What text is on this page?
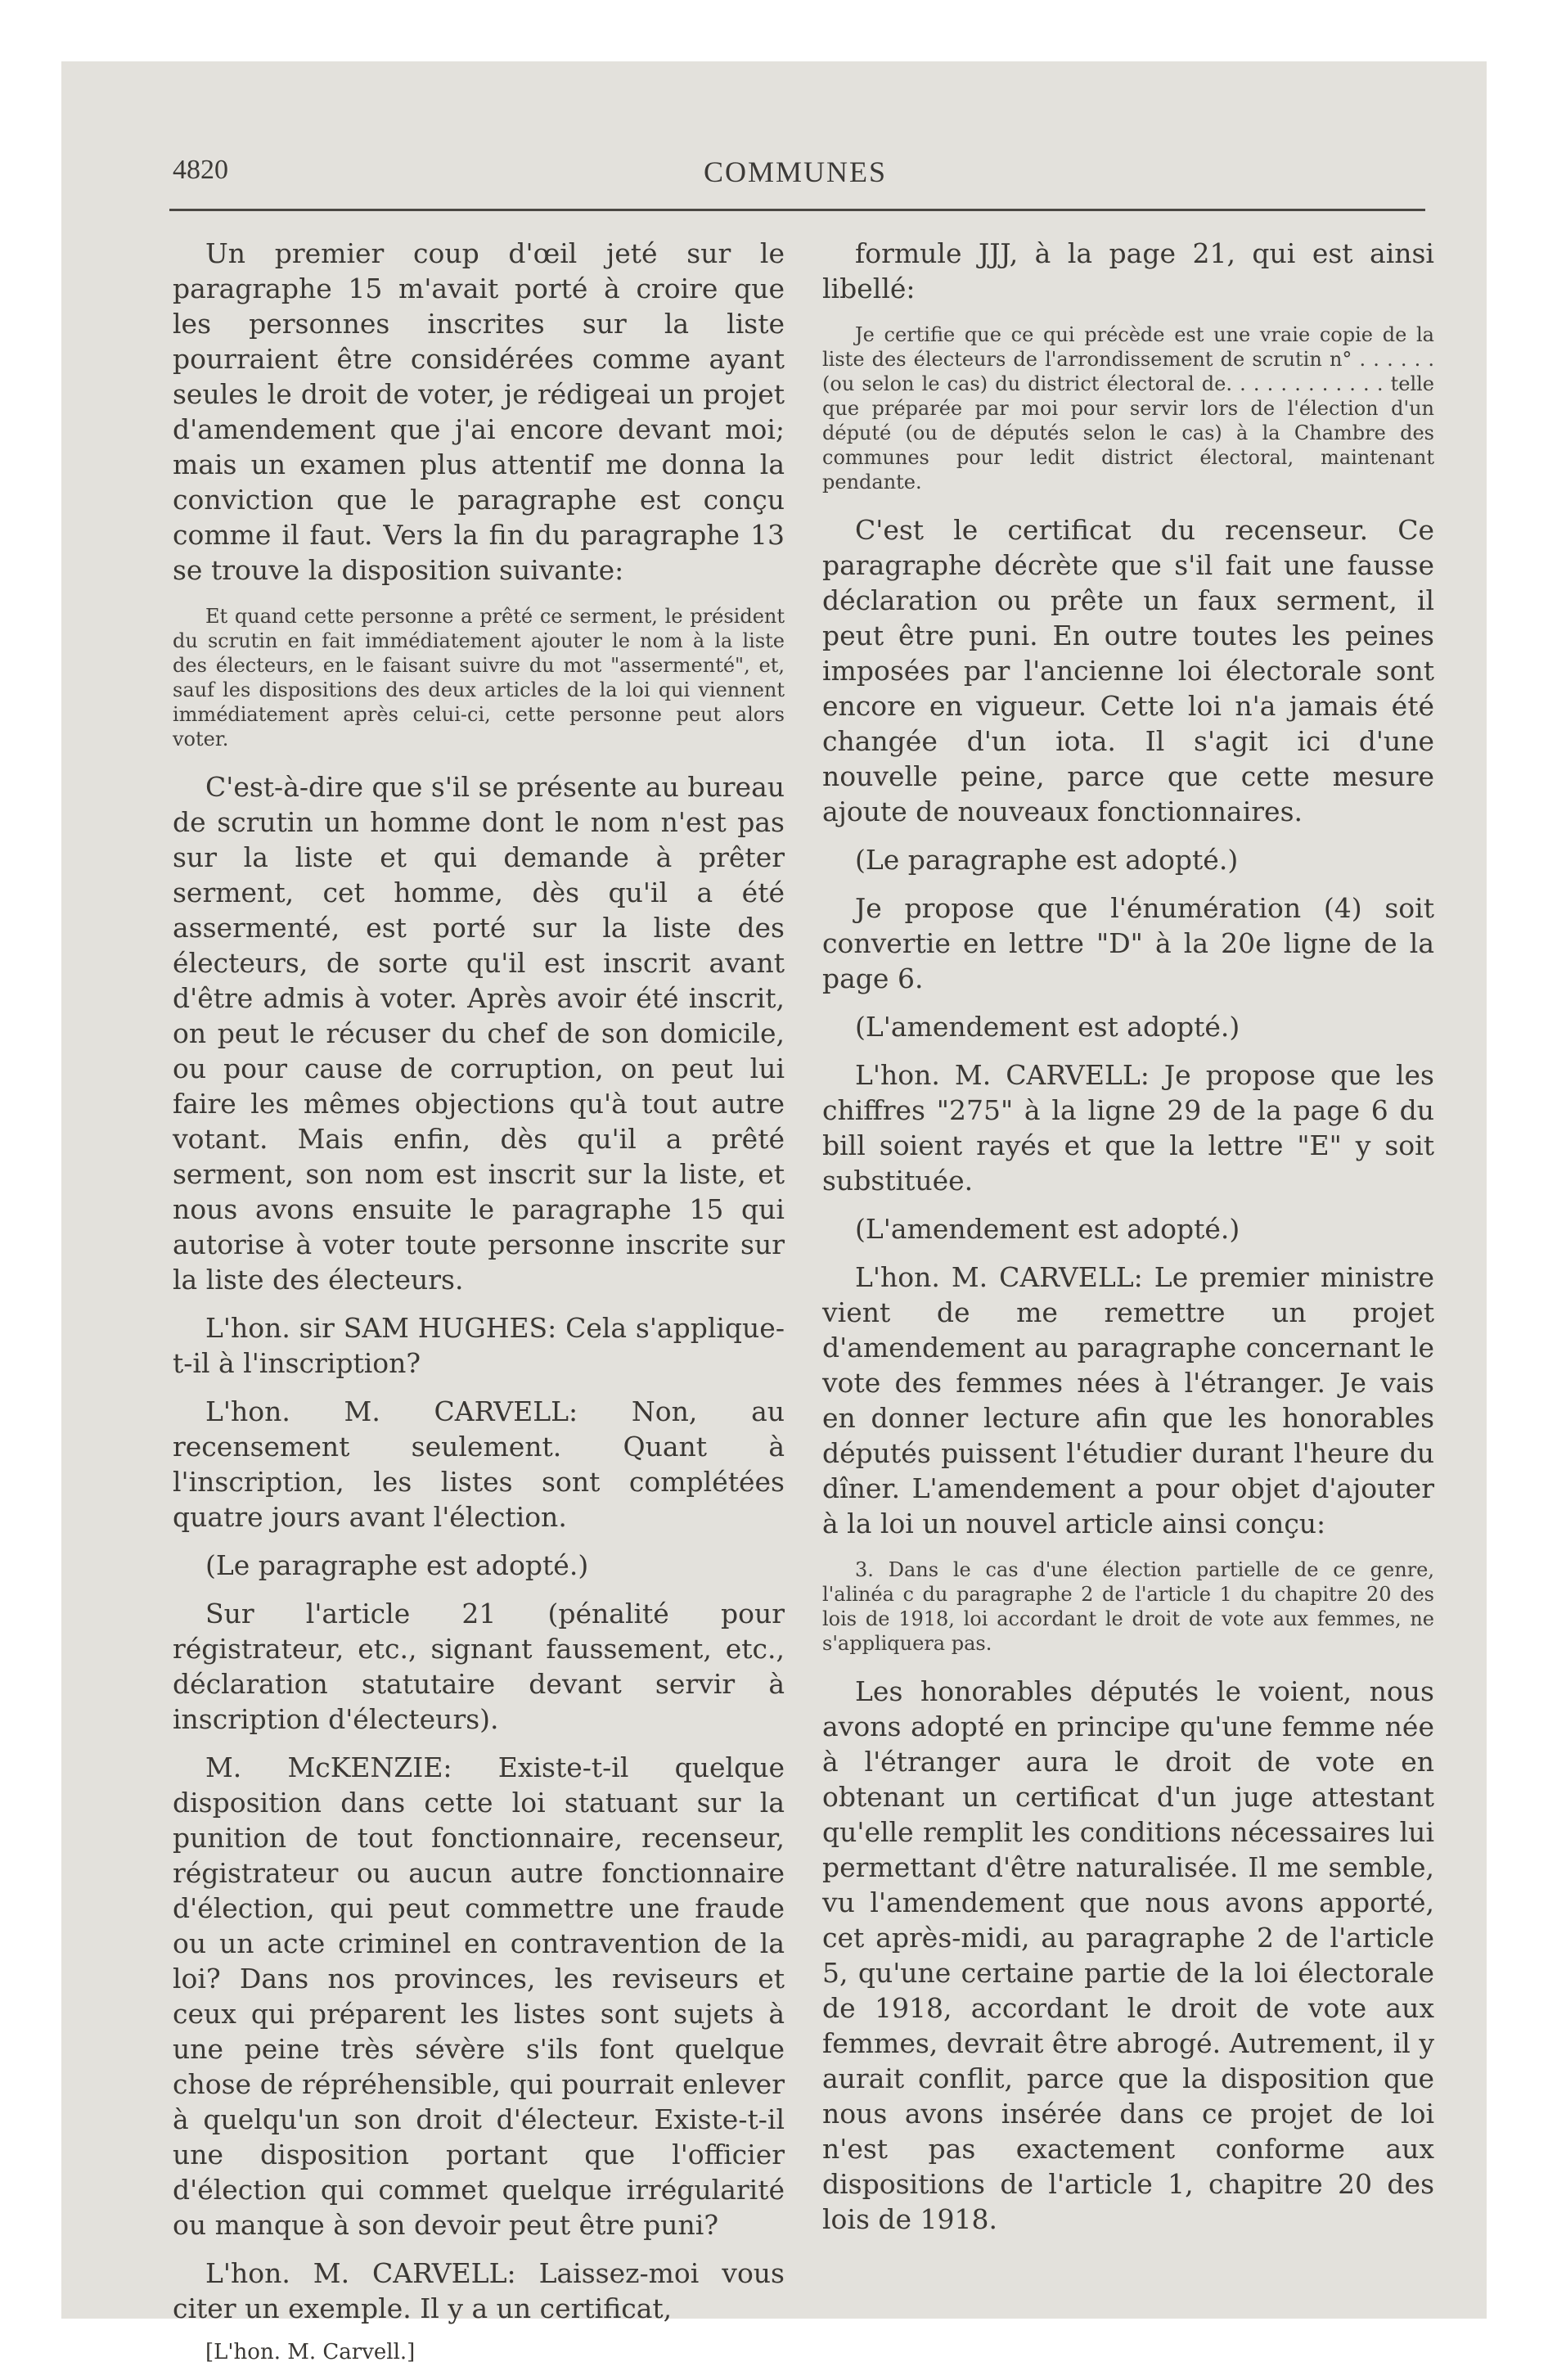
4820	COMMUNES

Un premier coup d'œil jeté sur le paragraphe 15 m'avait porté à croire que les personnes inscrites sur la liste pourraient être considérées comme ayant seules le droit de voter, je rédigeai un projet d'amendement que j'ai encore devant moi; mais un examen plus attentif me donna la conviction que le paragraphe est conçu comme il faut. Vers la fin du paragraphe 13 se trouve la disposition suivante:

Et quand cette personne a prêté ce serment, le président du scrutin en fait immédiatement ajouter le nom à la liste des électeurs, en le faisant suivre du mot "assermenté", et, sauf les dispositions des deux articles de la loi qui viennent immédiatement après celui-ci, cette personne peut alors voter.

C'est-à-dire que s'il se présente au bureau de scrutin un homme dont le nom n'est pas sur la liste et qui demande à prêter serment, cet homme, dès qu'il a été assermenté, est porté sur la liste des électeurs, de sorte qu'il est inscrit avant d'être admis à voter. Après avoir été inscrit, on peut le récuser du chef de son domicile, ou pour cause de corruption, on peut lui faire les mêmes objections qu'à tout autre votant. Mais enfin, dès qu'il a prêté serment, son nom est inscrit sur la liste, et nous avons ensuite le paragraphe 15 qui autorise à voter toute personne inscrite sur la liste des électeurs.

L'hon. sir SAM HUGHES: Cela s'applique-t-il à l'inscription?

L'hon. M. CARVELL: Non, au recensement seulement. Quant à l'inscription, les listes sont complétées quatre jours avant l'élection.

(Le paragraphe est adopté.)

Sur l'article 21 (pénalité pour régistrateur, etc., signant faussement, etc., déclaration statutaire devant servir à inscription d'électeurs).

M. McKENZIE: Existe-t-il quelque disposition dans cette loi statuant sur la punition de tout fonctionnaire, recenseur, régistrateur ou aucun autre fonctionnaire d'élection, qui peut commettre une fraude ou un acte criminel en contravention de la loi? Dans nos provinces, les reviseurs et ceux qui préparent les listes sont sujets à une peine très sévère s'ils font quelque chose de répréhensible, qui pourrait enlever à quelqu'un son droit d'électeur. Existe-t-il une disposition portant que l'officier d'élection qui commet quelque irrégularité ou manque à son devoir peut être puni?

L'hon. M. CARVELL: Laissez-moi vous citer un exemple. Il y a un certificat,

[L'hon. M. Carvell.]

formule JJJ, à la page 21, qui est ainsi libellé:

Je certifie que ce qui précède est une vraie copie de la liste des électeurs de l'arrondissement de scrutin n° . . . . . . (ou selon le cas) du district électoral de. . . . . . . . . . . . telle que préparée par moi pour servir lors de l'élection d'un député (ou de députés selon le cas) à la Chambre des communes pour ledit district électoral, maintenant pendante.

C'est le certificat du recenseur. Ce paragraphe décrète que s'il fait une fausse déclaration ou prête un faux serment, il peut être puni. En outre toutes les peines imposées par l'ancienne loi électorale sont encore en vigueur. Cette loi n'a jamais été changée d'un iota. Il s'agit ici d'une nouvelle peine, parce que cette mesure ajoute de nouveaux fonctionnaires.

(Le paragraphe est adopté.)

Je propose que l'énumération (4) soit convertie en lettre "D" à la 20e ligne de la page 6.

(L'amendement est adopté.)

L'hon. M. CARVELL: Je propose que les chiffres "275" à la ligne 29 de la page 6 du bill soient rayés et que la lettre "E" y soit substituée.

(L'amendement est adopté.)

L'hon. M. CARVELL: Le premier ministre vient de me remettre un projet d'amendement au paragraphe concernant le vote des femmes nées à l'étranger. Je vais en donner lecture afin que les honorables députés puissent l'étudier durant l'heure du dîner. L'amendement a pour objet d'ajouter à la loi un nouvel article ainsi conçu:

3. Dans le cas d'une élection partielle de ce genre, l'alinéa c du paragraphe 2 de l'article 1 du chapitre 20 des lois de 1918, loi accordant le droit de vote aux femmes, ne s'appliquera pas.

Les honorables députés le voient, nous avons adopté en principe qu'une femme née à l'étranger aura le droit de vote en obtenant un certificat d'un juge attestant qu'elle remplit les conditions nécessaires lui permettant d'être naturalisée. Il me semble, vu l'amendement que nous avons apporté, cet après-midi, au paragraphe 2 de l'article 5, qu'une certaine partie de la loi électorale de 1918, accordant le droit de vote aux femmes, devrait être abrogé. Autrement, il y aurait conflit, parce que la disposition que nous avons insérée dans ce projet de loi n'est pas exactement conforme aux dispositions de l'article 1, chapitre 20 des lois de 1918.
